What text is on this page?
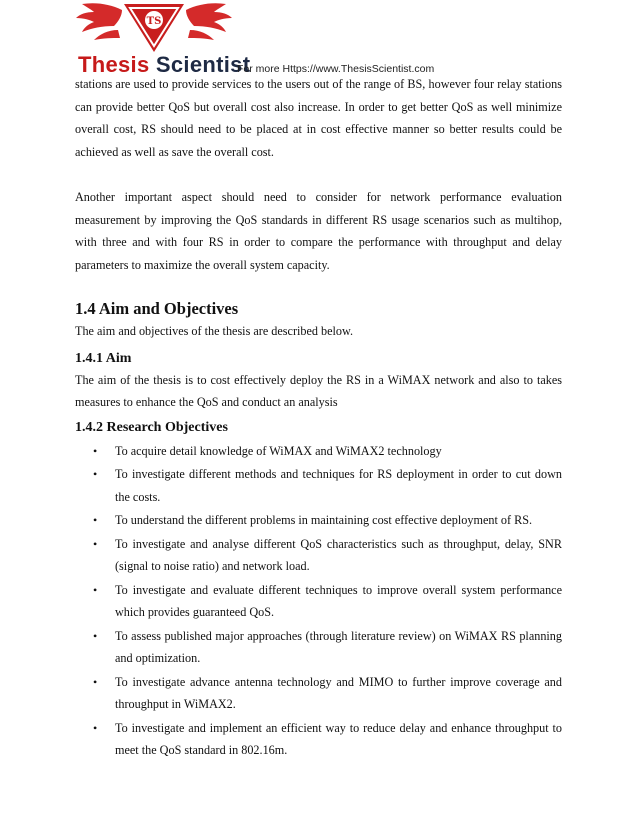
TS
Thesis Scientist
For more Https://www.ThesisScientist.com

stations are used to provide services to the users out of the range of BS, however four relay stations can provide better QoS but overall cost also increase. In order to get better QoS as well minimize overall cost, RS should need to be placed at in cost effective manner so better results could be achieved as well as save the overall cost.

Another important aspect should need to consider for network performance evaluation measurement by improving the QoS standards in different RS usage scenarios such as multihop, with three and with four RS in order to compare the performance with throughput and delay parameters to maximize the overall system capacity.

1.4 Aim and Objectives

The aim and objectives of the thesis are described below.

1.4.1 Aim

The aim of the thesis is to cost effectively deploy the RS in a WiMAX network and also to takes measures to enhance the QoS and conduct an analysis

1.4.2 Research Objectives
• To acquire detail knowledge of WiMAX and WiMAX2 technology
• To investigate different methods and techniques for RS deployment in order to cut down the costs.
• To understand the different problems in maintaining cost effective deployment of RS.
• To investigate and analyse different QoS characteristics such as throughput, delay, SNR (signal to noise ratio) and network load.
• To investigate and evaluate different techniques to improve overall system performance which provides guaranteed QoS.
• To assess published major approaches (through literature review) on WiMAX RS planning and optimization.
• To investigate advance antenna technology and MIMO to further improve coverage and throughput in WiMAX2.
• To investigate and implement an efficient way to reduce delay and enhance throughput to meet the QoS standard in 802.16m.
